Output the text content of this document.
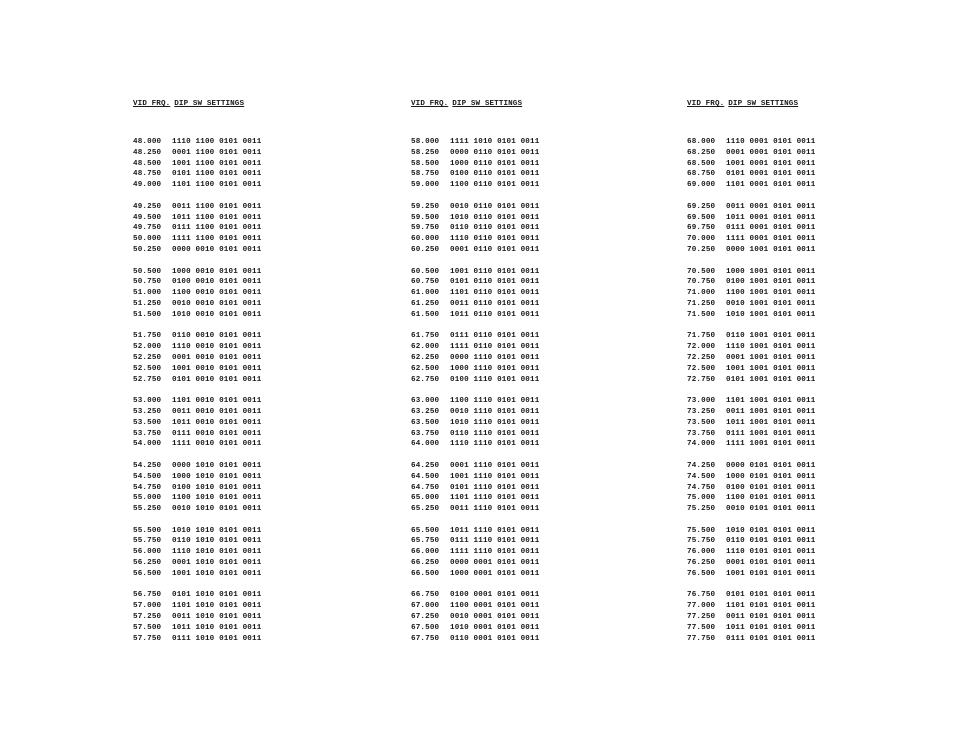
VID FRQ. DIP SW SETTINGS
48.000 1110 1100 0101 0011
48.250 0001 1100 0101 0011
48.500 1001 1100 0101 0011
48.750 0101 1100 0101 0011
49.000 1101 1100 0101 0011
49.250 0011 1100 0101 0011
49.500 1011 1100 0101 0011
49.750 0111 1100 0101 0011
50.000 1111 1100 0101 0011
50.250 0000 0010 0101 0011
50.500 1000 0010 0101 0011
50.750 0100 0010 0101 0011
51.000 1100 0010 0101 0011
51.250 0010 0010 0101 0011
51.500 1010 0010 0101 0011
51.750 0110 0010 0101 0011
52.000 1110 0010 0101 0011
52.250 0001 0010 0101 0011
52.500 1001 0010 0101 0011
52.750 0101 0010 0101 0011
53.000 1101 0010 0101 0011
53.250 0011 0010 0101 0011
53.500 1011 0010 0101 0011
53.750 0111 0010 0101 0011
54.000 1111 0010 0101 0011
54.250 0000 1010 0101 0011
54.500 1000 1010 0101 0011
54.750 0100 1010 0101 0011
55.000 1100 1010 0101 0011
55.250 0010 1010 0101 0011
55.500 1010 1010 0101 0011
55.750 0110 1010 0101 0011
56.000 1110 1010 0101 0011
56.250 0001 1010 0101 0011
56.500 1001 1010 0101 0011
56.750 0101 1010 0101 0011
57.000 1101 1010 0101 0011
57.250 0011 1010 0101 0011
57.500 1011 1010 0101 0011
57.750 0111 1010 0101 0011
VID FRQ. DIP SW SETTINGS
58.000 1111 1010 0101 0011
58.250 0000 0110 0101 0011
58.500 1000 0110 0101 0011
58.750 0100 0110 0101 0011
59.000 1100 0110 0101 0011
59.250 0010 0110 0101 0011
59.500 1010 0110 0101 0011
59.750 0110 0110 0101 0011
60.000 1110 0110 0101 0011
60.250 0001 0110 0101 0011
60.500 1001 0110 0101 0011
60.750 0101 0110 0101 0011
61.000 1101 0110 0101 0011
61.250 0011 0110 0101 0011
61.500 1011 0110 0101 0011
61.750 0111 0110 0101 0011
62.000 1111 0110 0101 0011
62.250 0000 1110 0101 0011
62.500 1000 1110 0101 0011
62.750 0100 1110 0101 0011
63.000 1100 1110 0101 0011
63.250 0010 1110 0101 0011
63.500 1010 1110 0101 0011
63.750 0110 1110 0101 0011
64.000 1110 1110 0101 0011
64.250 0001 1110 0101 0011
64.500 1001 1110 0101 0011
64.750 0101 1110 0101 0011
65.000 1101 1110 0101 0011
65.250 0011 1110 0101 0011
65.500 1011 1110 0101 0011
65.750 0111 1110 0101 0011
66.000 1111 1110 0101 0011
66.250 0000 0001 0101 0011
66.500 1000 0001 0101 0011
66.750 0100 0001 0101 0011
67.000 1100 0001 0101 0011
67.250 0010 0001 0101 0011
67.500 1010 0001 0101 0011
67.750 0110 0001 0101 0011
VID FRQ. DIP SW SETTINGS
68.000 1110 0001 0101 0011
68.250 0001 0001 0101 0011
68.500 1001 0001 0101 0011
68.750 0101 0001 0101 0011
69.000 1101 0001 0101 0011
69.250 0011 0001 0101 0011
69.500 1011 0001 0101 0011
69.750 0111 0001 0101 0011
70.000 1111 0001 0101 0011
70.250 0000 1001 0101 0011
70.500 1000 1001 0101 0011
70.750 0100 1001 0101 0011
71.000 1100 1001 0101 0011
71.250 0010 1001 0101 0011
71.500 1010 1001 0101 0011
71.750 0110 1001 0101 0011
72.000 1110 1001 0101 0011
72.250 0001 1001 0101 0011
72.500 1001 1001 0101 0011
72.750 0101 1001 0101 0011
73.000 1101 1001 0101 0011
73.250 0011 1001 0101 0011
73.500 1011 1001 0101 0011
73.750 0111 1001 0101 0011
74.000 1111 1001 0101 0011
74.250 0000 0101 0101 0011
74.500 1000 0101 0101 0011
74.750 0100 0101 0101 0011
75.000 1100 0101 0101 0011
75.250 0010 0101 0101 0011
75.500 1010 0101 0101 0011
75.750 0110 0101 0101 0011
76.000 1110 0101 0101 0011
76.250 0001 0101 0101 0011
76.500 1001 0101 0101 0011
76.750 0101 0101 0101 0011
77.000 1101 0101 0101 0011
77.250 0011 0101 0101 0011
77.500 1011 0101 0101 0011
77.750 0111 0101 0101 0011
